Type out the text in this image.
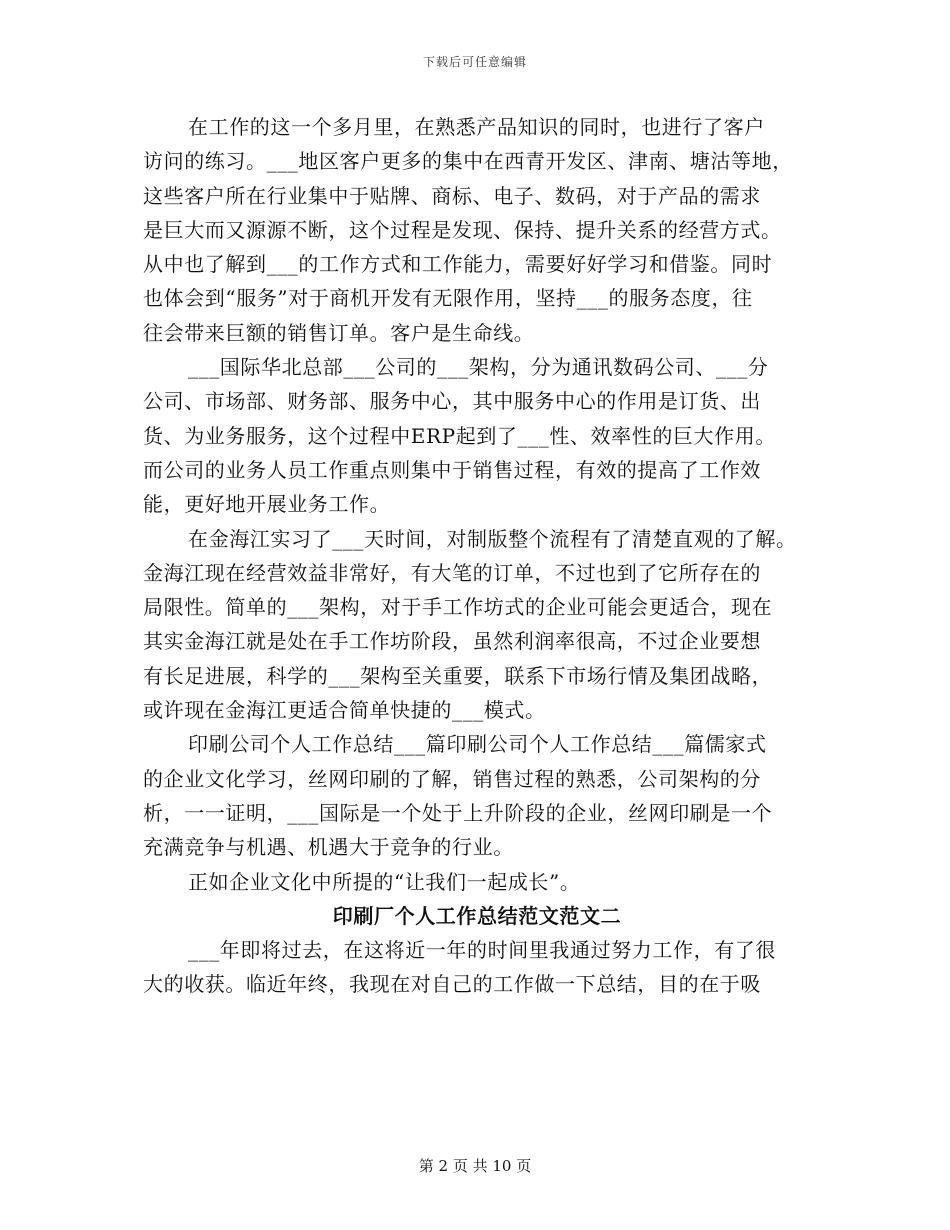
下载后可任意编辑
在工作的这一个多月里，在熟悉产品知识的同时，也进行了客户
访问的练习。___地区客户更多的集中在西青开发区、津南、塘沽等地，
这些客户所在行业集中于贴牌、商标、电子、数码，对于产品的需求
是巨大而又源源不断，这个过程是发现、保持、提升关系的经营方式。
从中也了解到___的工作方式和工作能力，需要好好学习和借鉴。同时
也体会到“服务”对于商机开发有无限作用，坚持___的服务态度，往
往会带来巨额的销售订单。客户是生命线。
___国际华北总部___公司的___架构，分为通讯数码公司、___分
公司、市场部、财务部、服务中心，其中服务中心的作用是订货、出
货、为业务服务，这个过程中ERP起到了___性、效率性的巨大作用。
而公司的业务人员工作重点则集中于销售过程，有效的提高了工作效
能，更好地开展业务工作。
在金海江实习了___天时间，对制版整个流程有了清楚直观的了解。
金海江现在经营效益非常好，有大笔的订单，不过也到了它所存在的
局限性。简单的___架构，对于手工作坊式的企业可能会更适合，现在
其实金海江就是处在手工作坊阶段，虽然利润率很高，不过企业要想
有长足进展，科学的___架构至关重要，联系下市场行情及集团战略，
或许现在金海江更适合简单快捷的___模式。
印刷公司个人工作总结___篇印刷公司个人工作总结___篇儒家式
的企业文化学习，丝网印刷的了解，销售过程的熟悉，公司架构的分
析，一一证明，___国际是一个处于上升阶段的企业，丝网印刷是一个
充满竞争与机遇、机遇大于竞争的行业。
正如企业文化中所提的“让我们一起成长”。
印刷厂个人工作总结范文范文二
___年即将过去，在这将近一年的时间里我通过努力工作，有了很
大的收获。临近年终，我现在对自己的工作做一下总结，目的在于吸
第 2 页 共 10 页
